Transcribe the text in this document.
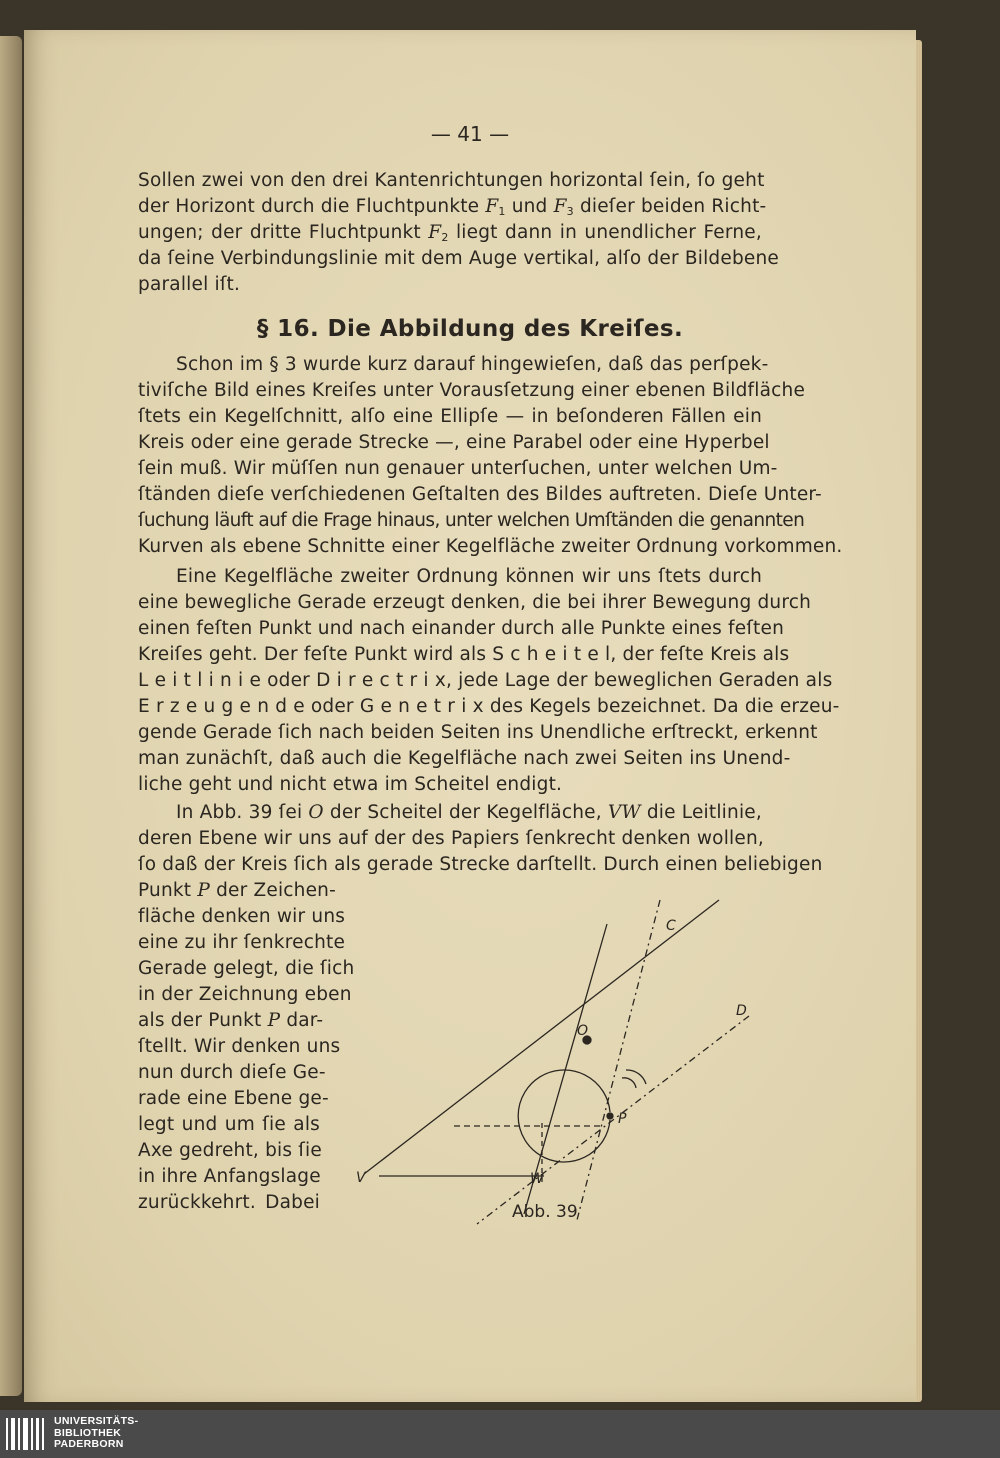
— 41 —
Sollen zwei von den drei Kantenrichtungen horizontal ſein, ſo geht
der Horizont durch die Fluchtpunkte $F_1$ und $F_3$ dieſer beiden Richt-
ungen; der dritte Fluchtpunkt $F_2$ liegt dann in unendlicher Ferne,
da ſeine Verbindungslinie mit dem Auge vertikal, alſo der Bildebene
parallel iſt.
§ 16. Die Abbildung des Kreiſes.
Schon im § 3 wurde kurz darauf hingewieſen, daß das perſpek-
tiviſche Bild eines Kreiſes unter Vorausſetzung einer ebenen Bildfläche
ſtets ein Kegelſchnitt, alſo eine Ellipſe — in beſonderen Fällen ein
Kreis oder eine gerade Strecke —, eine Parabel oder eine Hyperbel
ſein muß. Wir müſſen nun genauer unterſuchen, unter welchen Um-
ſtänden dieſe verſchiedenen Geſtalten des Bildes auftreten. Dieſe Unter-
ſuchung läuft auf die Frage hinaus, unter welchen Umſtänden die genannten
Kurven als ebene Schnitte einer Kegelfläche zweiter Ordnung vorkommen.
Eine Kegelfläche zweiter Ordnung können wir uns ſtets durch
eine bewegliche Gerade erzeugt denken, die bei ihrer Bewegung durch
einen feſten Punkt und nach einander durch alle Punkte eines feſten
Kreiſes geht. Der feſte Punkt wird als S c h e i t e l, der feſte Kreis als
L e i t l i n i e oder D i r e c t r i x, jede Lage der beweglichen Geraden als
E r z e u g e n d e oder G e n e t r i x des Kegels bezeichnet. Da die erzeu-
gende Gerade ſich nach beiden Seiten ins Unendliche erſtreckt, erkennt
man zunächſt, daß auch die Kegelfläche nach zwei Seiten ins Unend-
liche geht und nicht etwa im Scheitel endigt.
In Abb. 39 ſei O der Scheitel der Kegelfläche, VW die Leitlinie,
deren Ebene wir uns auf der des Papiers ſenkrecht denken wollen,
ſo daß der Kreis ſich als gerade Strecke darſtellt. Durch einen beliebigen
Punkt P der Zeichen-
fläche denken wir uns
eine zu ihr ſenkrechte
Gerade gelegt, die ſich
in der Zeichnung eben
als der Punkt P dar-
ſtellt. Wir denken uns
nun durch dieſe Ge-
rade eine Ebene ge-
legt und um ſie als
Axe gedreht, bis ſie
in ihre Anfangslage
zurückkehrt. Dabei
C
D
O
P
V	W
Abb. 39
UNIVERSITÄTS-
BIBLIOTHEK
PADERBORN
